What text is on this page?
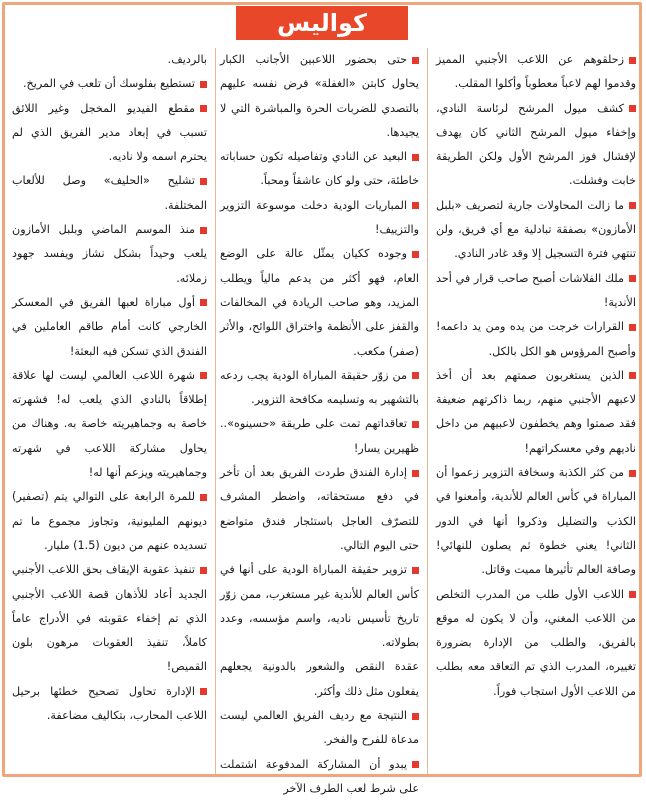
كواليس

زحلقوهم عن اللاعب الأجنبي المميز وقدموا لهم لاعباً معطوباً وأكلوا المقلب.

كشف ميول المرشح لرئاسة النادي، وإخفاء ميول المرشح الثاني كان يهدف لإفشال فوز المرشح الأول ولكن الطريقة خابت وفشلت.

ما زالت المحاولات جارية لتصريف «بلبل الأمازون» بصفقة تبادلية مع أي فريق، ولن تنتهي فترة التسجيل إلا وقد غادر النادي.

ملك الفلاشات أصبح صاحب قرار في أحد الأندية!

القرارات خرجت من يده ومن يد داعمه! وأصبح المرؤوس هو الكل بالكل.

الذين يستغربون صمتهم بعد أن أخذ لاعبهم الأجنبي منهم، ربما ذاكرتهم ضعيفة فقد صمتوا وهم يخطفون لاعبيهم من داخل ناديهم وفي معسكراتهم!

من كثر الكذبة وسخافة التزوير زعموا أن المباراة في كأس العالم للأندية، وأمعنوا في الكذب والتضليل وذكروا أنها في الدور الثاني! يعني خطوة ثم يصلون للنهائي! وصافة العالم تأثيرها مميت وقاتل.

اللاعب الأول طلب من المدرب التخلص من اللاعب المغني، وأن لا يكون له موقع بالفريق، والطلب من الإدارة بضرورة تغييره، المدرب الذي تم التعاقد معه بطلب من اللاعب الأول استجاب فوراً.

حتى بحضور اللاعبين الأجانب الكبار يحاول كابتن «الغفلة» فرض نفسه عليهم بالتصدي للضربات الحرة والمباشرة التي لا يجيدها.

البعيد عن النادي وتفاصيله تكون حساباته خاطئة، حتى ولو كان عاشقاً ومحباً.

المباريات الودية دخلت موسوعة التزوير والتزييف!

وجوده ككيان يمثّل عالة على الوضع العام، فهو أكثر من يدعم مالياً ويطلب المزيد، وهو صاحب الريادة في المخالفات والقفز على الأنظمة واختراق اللوائح، والأثر (صفر) مكعب.

من زوّر حقيقة المباراة الودية يجب ردعه بالتشهير به وتسليمه مكافحة التزوير.

تعاقداتهم تمت على طريقة «حسينوه».. ظهيرين يسار!

إدارة الفندق طردت الفريق بعد أن تأخر في دفع مستحقاته، واضطر المشرف للتصرّف العاجل باستئجار فندق متواضع حتى اليوم التالي.

تزوير حقيقة المباراة الودية على أنها في كأس العالم للأندية غير مستغرب، ممن زوّر تاريخ تأسيس ناديه، واسم مؤسسه، وعدد بطولاته.

عقدة النقص والشعور بالدونية يجعلهم يفعلون مثل ذلك وأكثر.

النتيجة مع رديف الفريق العالمي ليست مدعاة للفرح والفخر.

يبدو أن المشاركة المدفوعة اشتملت على شرط لعب الطرف الآخر

بالرديف.

تستطيع بفلوسك أن تلعب في المريخ.

مقطع الفيديو المخجل وغير اللائق تسبب في إبعاد مدير الفريق الذي لم يحترم اسمه ولا ناديه.

تشليح «الحليف» وصل للألعاب المختلفة.

منذ الموسم الماضي وبلبل الأمازون يلعب وحيداً بشكل نشاز ويفسد جهود زملائه.

أول مباراة لعبها الفريق في المعسكر الخارجي كانت أمام طاقم العاملين في الفندق الذي تسكن فيه البعثة!

شهرة اللاعب العالمي ليست لها علاقة إطلاقاً بالنادي الذي يلعب له! فشهرته خاصة به وجماهيريته خاصة به. وهناك من يحاول مشاركة اللاعب في شهرته وجماهيريته ويزعم أنها له!

للمرة الرابعة على التوالي يتم (تصفير) ديونهم المليونية، وتجاوز مجموع ما تم تسديده عنهم من ديون (1.5) مليار.

تنفيذ عقوبة الإيقاف بحق اللاعب الأجنبي الجديد أعاد للأذهان قصة اللاعب الأجنبي الذي تم إخفاء عقوبته في الأدراج عاماً كاملاً، تنفيذ العقوبات مرهون بلون القميص!

الإدارة تحاول تصحيح خطئها برحيل اللاعب المحارب، بتكاليف مضاعفة.
